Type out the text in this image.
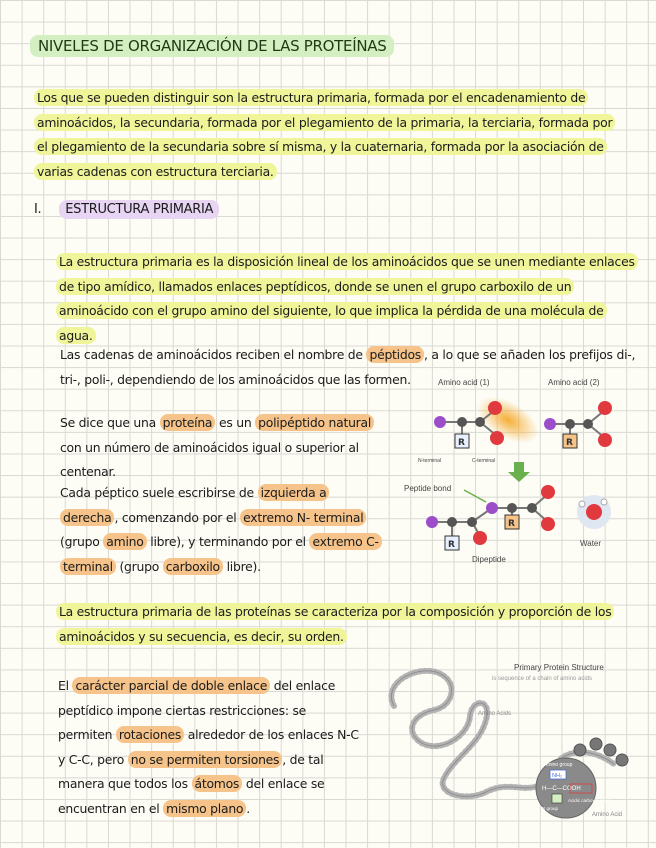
NIVELES DE ORGANIZACIÓN DE LAS PROTEÍNAS
Los que se pueden distinguir son la estructura primaria, formada por el encadenamiento de aminoácidos, la secundaria, formada por el plegamiento de la primaria, la terciaria, formada por el plegamiento de la secundaria sobre sí misma, y la cuaternaria, formada por la asociación de varias cadenas con estructura terciaria.
I. ESTRUCTURA PRIMARIA
La estructura primaria es la disposición lineal de los aminoácidos que se unen mediante enlaces de tipo amídico, llamados enlaces peptídicos, donde se unen el grupo carboxilo de un aminoácido con el grupo amino del siguiente, lo que implica la pérdida de una molécula de agua.
Las cadenas de aminoácidos reciben el nombre de péptidos , a lo que se añaden los prefijos di-, tri-, poli-, dependiendo de los aminoácidos que las formen.
Se dice que una proteína es un polipéptido natural con un número de aminoácidos igual o superior al centenar.
Cada péptico suele escribirse de izquierda a derecha , comenzando por el extremo N- terminal (grupo amino libre), y terminando por el extremo C- terminal (grupo carboxilo libre).
La estructura primaria de las proteínas se caracteriza por la composición y proporción de los aminoácidos y su secuencia, es decir, su orden.
El carácter parcial de doble enlace del enlace peptídico impone ciertas restricciones: se permiten rotaciones alrededor de los enlaces N-C y C-C, pero no se permiten torsiones , de tal manera que todos los átomos del enlace se encuentran en el mismo plano .
Amino acid (1)	Amino acid (2)
R	R
N-terminal	C-terminal
Peptide bond
R
R
Dipeptide
Water
Primary Protein Structure
is sequence of a chain of amino acids
Amino Acids
Amino group
NH₂
H—C—COOH
Acidic carboxyl group
R group
Amino Acid
